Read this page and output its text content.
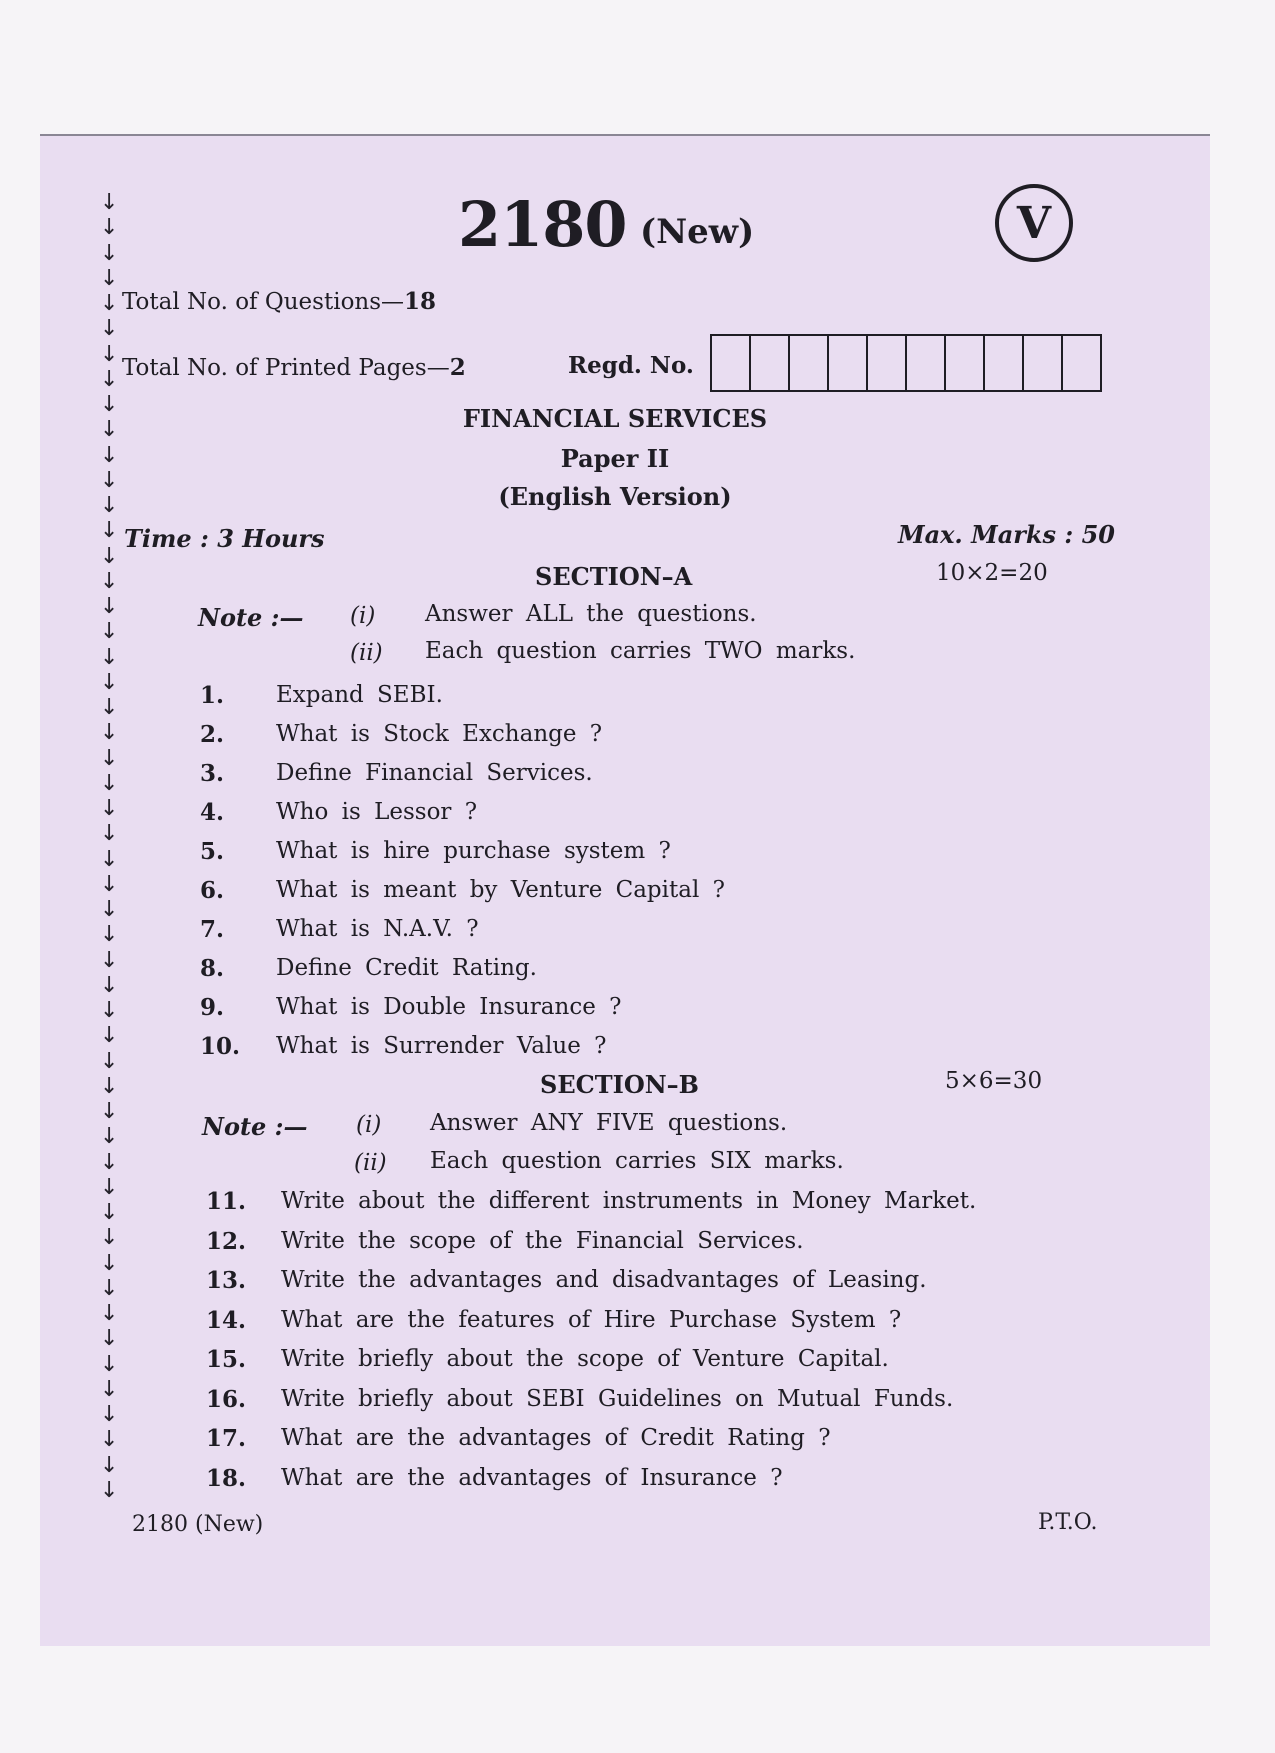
↓
↓
↓
↓
↓
↓
↓
↓
↓
↓
↓
↓
↓
↓
↓
↓
↓
↓
↓
↓
↓
↓
↓
↓
↓
↓
↓
↓
↓
↓
↓
↓
↓
↓
↓
↓
↓
↓
↓
↓
↓
↓
↓
↓
↓
↓
↓
↓
↓
↓
↓
↓
2180 (New)	V
Total No. of Questions—18
Total No. of Printed Pages—2	Regd. No.
FINANCIAL SERVICES
Paper II
(English Version)
Time : 3 Hours	Max. Marks : 50
SECTION–A	10×2=20
Note :— (i) Answer ALL the questions.
(ii) Each question carries TWO marks.
1. Expand SEBI.
2. What is Stock Exchange ?
3. Define Financial Services.
4. Who is Lessor ?
5. What is hire purchase system ?
6. What is meant by Venture Capital ?
7. What is N.A.V. ?
8. Define Credit Rating.
9. What is Double Insurance ?
10. What is Surrender Value ?
SECTION–B	5×6=30
Note :— (i) Answer ANY FIVE questions.
(ii) Each question carries SIX marks.
11. Write about the different instruments in Money Market.
12. Write the scope of the Financial Services.
13. Write the advantages and disadvantages of Leasing.
14. What are the features of Hire Purchase System ?
15. Write briefly about the scope of Venture Capital.
16. Write briefly about SEBI Guidelines on Mutual Funds.
17. What are the advantages of Credit Rating ?
18. What are the advantages of Insurance ?
2180 (New)	P.T.O.
